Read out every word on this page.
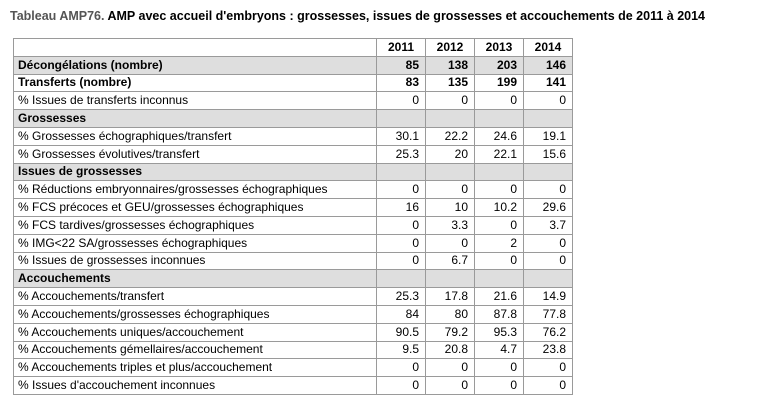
Tableau AMP76. AMP avec accueil d'embryons : grossesses, issues de grossesses et accouchements de 2011 à 2014
	2011	2012	2013	2014
Décongélations (nombre)	85	138	203	146
Transferts (nombre)	83	135	199	141
% Issues de transferts inconnus	0	0	0	0
Grossesses				
% Grossesses échographiques/transfert	30.1	22.2	24.6	19.1
% Grossesses évolutives/transfert	25.3	20	22.1	15.6
Issues de grossesses				
% Réductions embryonnaires/grossesses échographiques	0	0	0	0
% FCS précoces et GEU/grossesses échographiques	16	10	10.2	29.6
% FCS tardives/grossesses échographiques	0	3.3	0	3.7
% IMG<22 SA/grossesses échographiques	0	0	2	0
% Issues de grossesses inconnues	0	6.7	0	0
Accouchements				
% Accouchements/transfert	25.3	17.8	21.6	14.9
% Accouchements/grossesses échographiques	84	80	87.8	77.8
% Accouchements uniques/accouchement	90.5	79.2	95.3	76.2
% Accouchements gémellaires/accouchement	9.5	20.8	4.7	23.8
% Accouchements triples et plus/accouchement	0	0	0	0
% Issues d'accouchement inconnues	0	0	0	0
